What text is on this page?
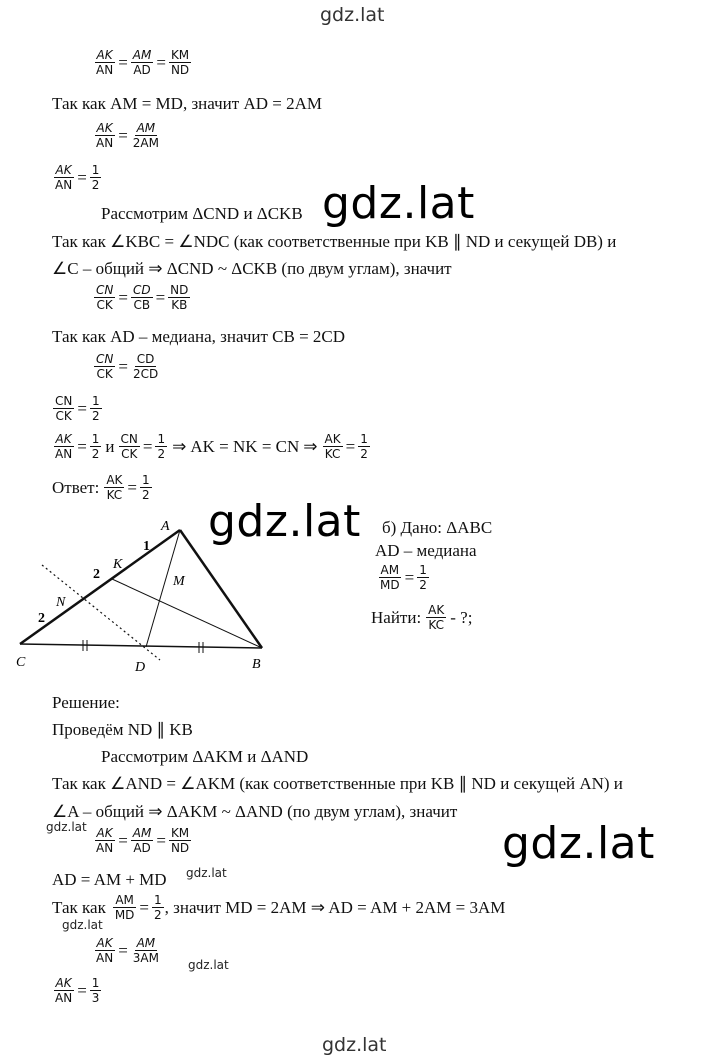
gdz.lat
$\frac{AK}{AN} = \frac{AM}{AD} = \frac{KM}{ND}$
Так как AM = MD, значит AD = 2AM
$\frac{AK}{AN} = \frac{AM}{2AM}$
$\frac{AK}{AN} = \frac{1}{2}$
Рассмотрим ΔCND и ΔCKB gdz.lat
Так как ∠KBC = ∠NDC (как соответственные при KB ∥ ND и секущей DB) и
∠C – общий ⇒ ΔCND ~ ΔCKB (по двум углам), значит
$\frac{CN}{CK} = \frac{CD}{CB} = \frac{ND}{KB}$
Так как AD – медиана, значит CB = 2CD
$\frac{CN}{CK} = \frac{CD}{2CD}$
$\frac{CN}{CK} = \frac{1}{2}$
$\frac{AK}{AN} = \frac{1}{2}$ и $\frac{CN}{CK} = \frac{1}{2}$ ⇒ AK = NK = CN ⇒ $\frac{AK}{KC} = \frac{1}{2}$
Ответ: $\frac{AK}{KC} = \frac{1}{2}$
A
B
C	D
K
M
N
1
2
2
gdz.lat б) Дано: ΔABC
AD – медиана
$\frac{AM}{MD} = \frac{1}{2}$
Найти: $\frac{AK}{KC}$ - ?;
Решение:
Проведём ND ∥ KB
Рассмотрим ΔAKM и ΔAND
Так как ∠AND = ∠AKM (как соответственные при KB ∥ ND и секущей AN) и
∠A – общий ⇒ ΔAKM ~ ΔAND (по двум углам), значит
$gdz.lat \frac{AK}{AN} = \frac{AM}{AD} = \frac{KM}{ND}$	gdz.lat
AD = AM + MD gdz.lat
Так как $\frac{AM}{MD} = \frac{1}{2}$ , значит MD = 2AM ⇒ AD = AM + 2AM = 3AM
gdz.lat
$\frac{AK}{AN} = \frac{AM}{3AM} gdz.lat$
$\frac{AK}{AN} = \frac{1}{3}$
gdz.lat
